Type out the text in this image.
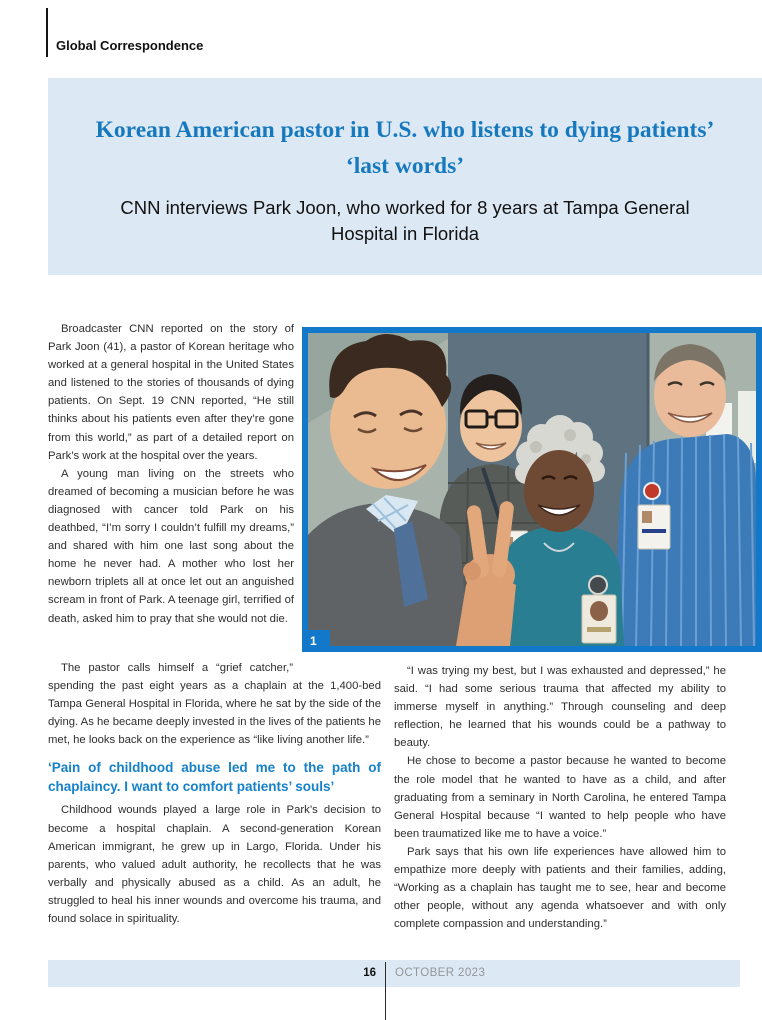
Global Correspondence
Korean American pastor in U.S. who listens to dying patients’ ‘last words’
CNN interviews Park Joon, who worked for 8 years at Tampa General Hospital in Florida

Broadcaster CNN reported on the story of Park Joon (41), a pastor of Korean heritage who worked at a general hospital in the United States and listened to the stories of thousands of dying patients. On Sept. 19 CNN reported, “He still thinks about his patients even after they’re gone from this world,” as part of a detailed report on Park’s work at the hospital over the years.

A young man living on the streets who dreamed of becoming a musician before he was diagnosed with cancer told Park on his deathbed, “I’m sorry I couldn’t fulfill my dreams,” and shared with him one last song about the home he never had. A mother who lost her newborn triplets all at once let out an anguished scream in front of Park. A teenage girl, terrified of death, asked him to pray that she would not die.

1

The pastor calls himself a “grief catcher,” spending the past eight years as a chaplain at the 1,400-bed Tampa General Hospital in Florida, where he sat by the side of the dying. As he became deeply invested in the lives of the patients he met, he looks back on the experience as “like living another life.”

‘Pain of childhood abuse led me to the path of chaplaincy. I want to comfort patients’ souls’

Childhood wounds played a large role in Park’s decision to become a hospital chaplain. A second-generation Korean American immigrant, he grew up in Largo, Florida. Under his parents, who valued adult authority, he recollects that he was verbally and physically abused as a child. As an adult, he struggled to heal his inner wounds and overcome his trauma, and found solace in spirituality.

“I was trying my best, but I was exhausted and depressed,” he said. “I had some serious trauma that affected my ability to immerse myself in anything.” Through counseling and deep reflection, he learned that his wounds could be a pathway to beauty.

He chose to become a pastor because he wanted to become the role model that he wanted to have as a child, and after graduating from a seminary in North Carolina, he entered Tampa General Hospital because “I wanted to help people who have been traumatized like me to have a voice.”

Park says that his own life experiences have allowed him to empathize more deeply with patients and their families, adding, “Working as a chaplain has taught me to see, hear and become other people, without any agenda whatsoever and with only complete compassion and understanding.”

16 OCTOBER 2023
